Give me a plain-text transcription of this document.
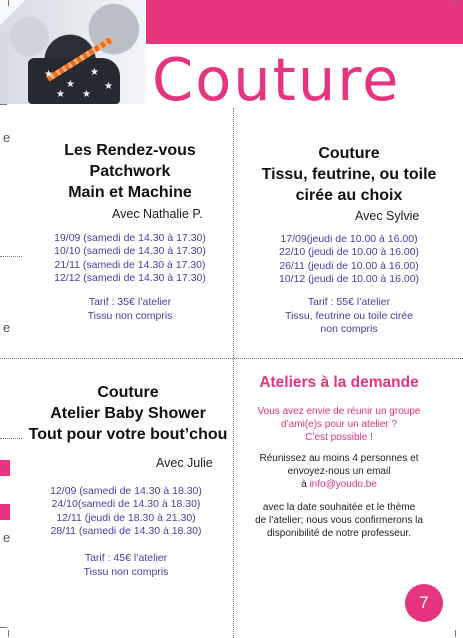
★
★
★
★ ★
★ Couture
e
e
e
Les Rendez-vous
Patchwork
Main et Machine
Avec Nathalie P.
19/09 (samedi de 14.30 à 17.30)
10/10 (samedi de 14.30 à 17.30)
21/11 (samedi de 14.30 à 17.30)
12/12 (samedi de 14.30 à 17.30)
Tarif : 35€ l’atelier
Tissu non compris
Couture
Tissu, feutrine, ou toile
cirée au choix
Avec Sylvie
17/09(jeudi de 10.00 à 16.00)
22/10 (jeudi de 10.00 à 16.00)
26/11 (jeudi de 10.00 à 16.00)
10/12 (jeudi de 10.00 à 16.00)
Tarif : 55€ l’atelier
Tissu, feutrine ou toile cirée
non compris
Couture
Atelier Baby Shower
Tout pour votre bout’chou
Avec Julie
12/09 (samedi de 14.30 à 18.30)
24/10(samedi de 14.30 à 18.30)
12/11 (jeudi de 18.30 à 21.30)
28/11 (samedi de 14.30 à 18.30)
Tarif : 45€ l’atelier
Tissu non compris
Ateliers à la demande
Vous avez envie de réunir un groupe
d’ami(e)s pour un atelier ?
C’est possible !
Réunissez au moins 4 personnes et
envoyez-nous un email
à info@youdo.be
avec la date souhaitée et le thème
de l’atelier; nous vous confirmerons la
disponibilité de notre professeur.
7
